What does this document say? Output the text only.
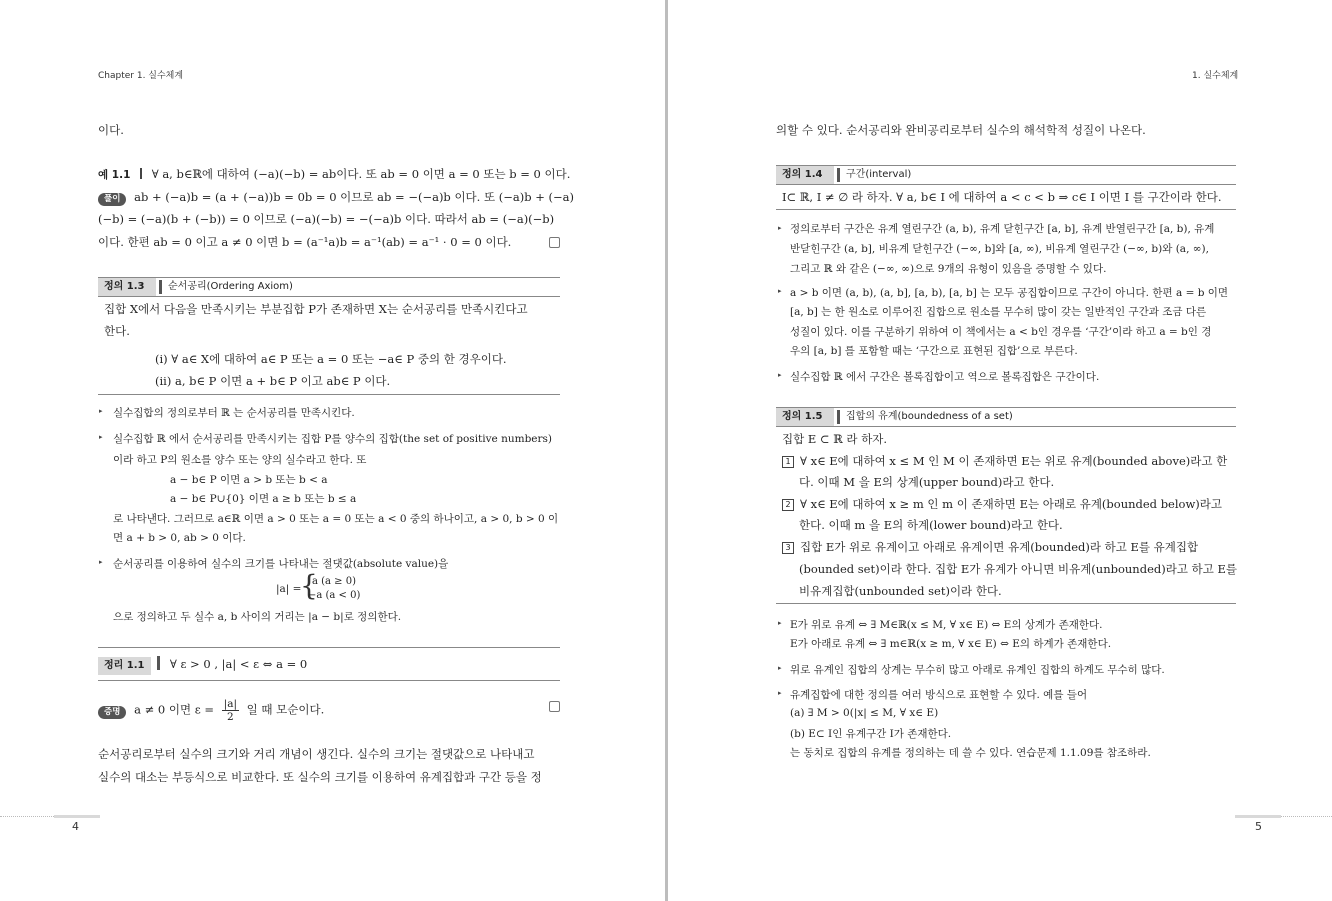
Chapter 1. 실수체계
이다.
예 1.1 ∀ a, b∈ℝ에 대하여 (−a)(−b) = ab이다. 또 ab = 0 이면 a = 0 또는 b = 0 이다.
풀이 ab + (−a)b = (a + (−a))b = 0b = 0 이므로 ab = −(−a)b 이다. 또 (−a)b + (−a)
(−b) = (−a)(b + (−b)) = 0 이므로 (−a)(−b) = −(−a)b 이다. 따라서 ab = (−a)(−b)
이다. 한편 ab = 0 이고 a ≠ 0 이면 b = (a⁻¹a)b = a⁻¹(ab) = a⁻¹ · 0 = 0 이다.
정의 1.3	순서공리(Ordering Axiom)
집합 X에서 다음을 만족시키는 부분집합 P가 존재하면 X는 순서공리를 만족시킨다고
한다.
(i) ∀ a∈ X에 대하여 a∈ P 또는 a = 0 또는 −a∈ P 중의 한 경우이다.
(ii) a, b∈ P 이면 a + b∈ P 이고 ab∈ P 이다.
▸ 실수집합의 정의로부터 ℝ 는 순서공리를 만족시킨다.
▸ 실수집합 ℝ 에서 순서공리를 만족시키는 집합 P를 양수의 집합(the set of positive numbers)
이라 하고 P의 원소를 양수 또는 양의 실수라고 한다. 또
a − b∈ P 이면 a > b 또는 b < a
a − b∈ P∪{0} 이면 a ≥ b 또는 b ≤ a
로 나타낸다. 그러므로 a∈ℝ 이면 a > 0 또는 a = 0 또는 a < 0 중의 하나이고, a > 0, b > 0 이
면 a + b > 0, ab > 0 이다.
▸ 순서공리를 이용하여 실수의 크기를 나타내는 절댓값(absolute value)을
|a| =
{
a (a ≥ 0)
−a (a < 0)
으로 정의하고 두 실수 a, b 사이의 거리는 |a − b|로 정의한다.
정리 1.1 ∀ ε > 0 , |a| < ε ⇔ a = 0
증명 a ≠ 0 이면 $\varepsilon = \frac{|a|}{2}$ 일 때 모순이다.
순서공리로부터 실수의 크기와 거리 개념이 생긴다. 실수의 크기는 절댓값으로 나타내고
실수의 대소는 부등식으로 비교한다. 또 실수의 크기를 이용하여 유계집합과 구간 등을 정
4
1. 실수체계
의할 수 있다. 순서공리와 완비공리로부터 실수의 해석학적 성질이 나온다.
정의 1.4	구간(interval)
I⊂ ℝ, I ≠ ∅ 라 하자. ∀ a, b∈ I 에 대하여 a < c < b ⇒ c∈ I 이면 I 를 구간이라 한다.
▸ 정의로부터 구간은 유계 열린구간 (a, b), 유계 닫힌구간 [a, b], 유계 반열린구간 [a, b), 유계
반닫힌구간 (a, b], 비유계 닫힌구간 (−∞, b]와 [a, ∞), 비유계 열린구간 (−∞, b)와 (a, ∞),
그리고 ℝ 와 같은 (−∞, ∞)으로 9개의 유형이 있음을 증명할 수 있다.
▸ a > b 이면 (a, b), (a, b], [a, b), [a, b] 는 모두 공집합이므로 구간이 아니다. 한편 a = b 이면
[a, b] 는 한 원소로 이루어진 집합으로 원소를 무수히 많이 갖는 일반적인 구간과 조금 다른
성질이 있다. 이를 구분하기 위하여 이 책에서는 a < b인 경우를 ‘구간’이라 하고 a = b인 경
우의 [a, b] 를 포함할 때는 ‘구간으로 표현된 집합’으로 부른다.
▸ 실수집합 ℝ 에서 구간은 볼록집합이고 역으로 볼록집합은 구간이다.
정의 1.5	집합의 유계(boundedness of a set)
집합 E ⊂ ℝ 라 하자.
1 ∀ x∈ E에 대하여 x ≤ M 인 M 이 존재하면 E는 위로 유계(bounded above)라고 한
다. 이때 M 을 E의 상계(upper bound)라고 한다.
2 ∀ x∈ E에 대하여 x ≥ m 인 m 이 존재하면 E는 아래로 유계(bounded below)라고
한다. 이때 m 을 E의 하계(lower bound)라고 한다.
3 집합 E가 위로 유계이고 아래로 유계이면 유계(bounded)라 하고 E를 유계집합
(bounded set)이라 한다. 집합 E가 유계가 아니면 비유계(unbounded)라고 하고 E를
비유계집합(unbounded set)이라 한다.
▸ E가 위로 유계 ⇔ ∃ M∈ℝ(x ≤ M, ∀ x∈ E) ⇔ E의 상계가 존재한다.
E가 아래로 유계 ⇔ ∃ m∈ℝ(x ≥ m, ∀ x∈ E) ⇔ E의 하계가 존재한다.
▸ 위로 유계인 집합의 상계는 무수히 많고 아래로 유계인 집합의 하계도 무수히 많다.
▸ 유계집합에 대한 정의를 여러 방식으로 표현할 수 있다. 예를 들어
(a) ∃ M > 0(|x| ≤ M, ∀ x∈ E)
(b) E⊂ I인 유계구간 I가 존재한다.
는 동치로 집합의 유계를 정의하는 데 쓸 수 있다. 연습문제 1.1.09를 참조하라.
5
